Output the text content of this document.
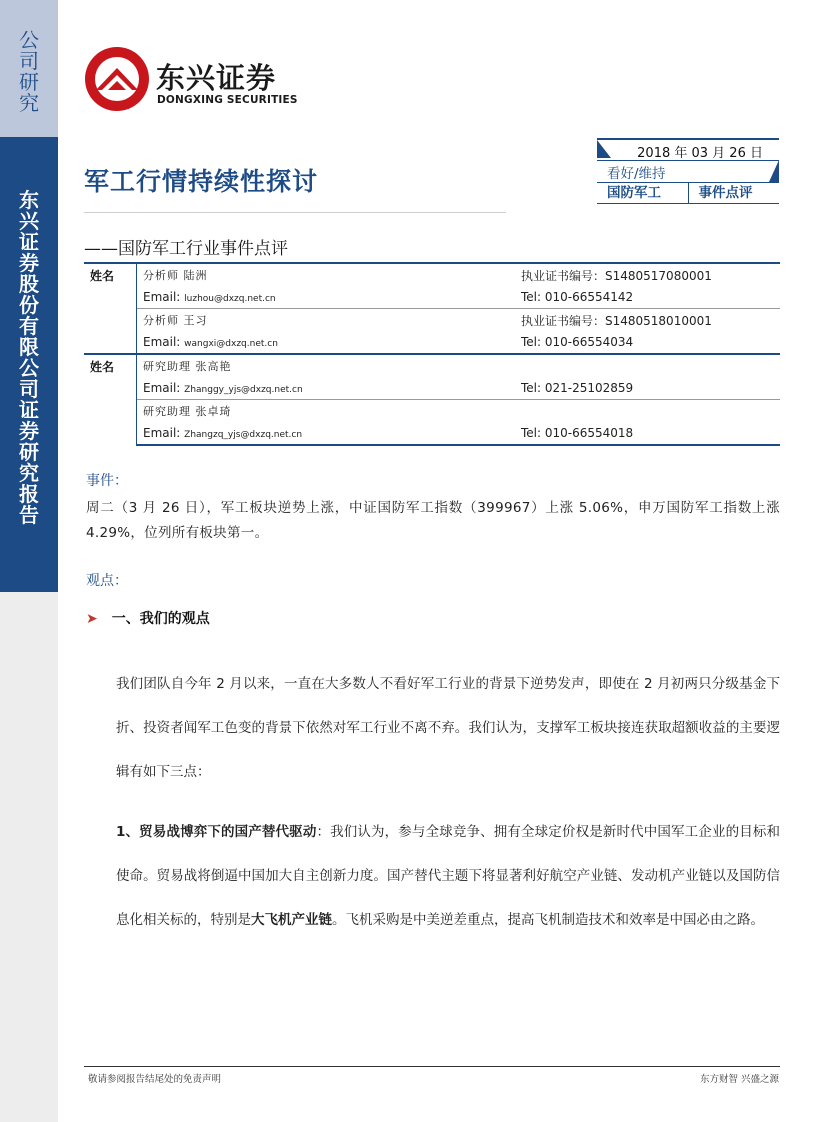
公
司
研
究
东
兴
证
券
股
份
有
限
公
司
证
券
研
究
报
告
东兴证券
DONGXING SECURITIES
2018 年 03 月 26 日
看好/维持
国防军工	事件点评
军工行情持续性探讨
——国防军工行业事件点评
姓名	分析师 陆洲	执业证书编号：S1480517080001
	Email: luzhou@dxzq.net.cn	Tel: 010-66554142
	分析师 王习	执业证书编号：S1480518010001
	Email: wangxi@dxzq.net.cn	Tel: 010-66554034
姓名	研究助理 张高艳	
	Email: Zhanggy_yjs@dxzq.net.cn	Tel: 021-25102859
	研究助理 张卓琦	
	Email: Zhangzq_yjs@dxzq.net.cn	Tel: 010-66554018
事件：
周二（3 月 26 日），军工板块逆势上涨，中证国防军工指数（399967）上涨 5.06%，申万国防军工指数上涨 4.29%，位列所有板块第一。
观点：
➤ 一、我们的观点
我们团队自今年 2 月以来，一直在大多数人不看好军工行业的背景下逆势发声，即使在 2 月初两只分级基金下折、投资者闻军工色变的背景下依然对军工行业不离不弃。我们认为，支撑军工板块接连获取超额收益的主要逻辑有如下三点：
1、贸易战博弈下的国产替代驱动：我们认为，参与全球竞争、拥有全球定价权是新时代中国军工企业的目标和使命。贸易战将倒逼中国加大自主创新力度。国产替代主题下将显著利好航空产业链、发动机产业链以及国防信息化相关标的，特别是大飞机产业链。飞机采购是中美逆差重点，提高飞机制造技术和效率是中国必由之路。
敬请参阅报告结尾处的免责声明	东方财智 兴盛之源
